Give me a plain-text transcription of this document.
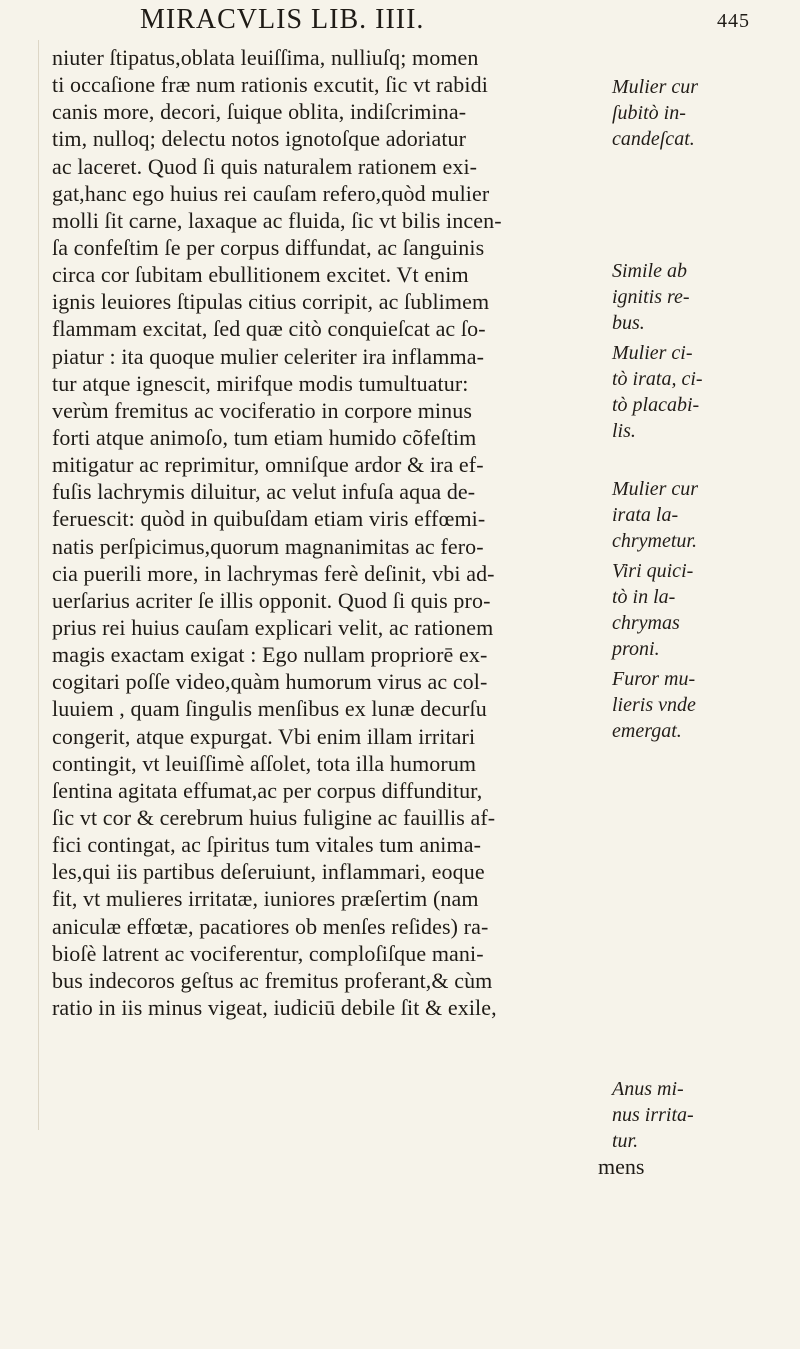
MIRACVLIS LIB. IIII.	445
niuter ſtipatus,oblata leuiſſima, nulliuſq; momen
ti occaſione fræ num rationis excutit, ſic vt rabidi
canis more, decori, ſuique oblita, indiſcrimina-
tim, nulloq; delectu notos ignotoſque adoriatur
ac laceret. Quod ſi quis naturalem rationem exi-
gat,hanc ego huius rei cauſam refero,quòd mulier
molli ſit carne, laxaque ac fluida, ſic vt bilis incen-
ſa confeſtim ſe per corpus diffundat, ac ſanguinis
circa cor ſubitam ebullitionem excitet. Vt enim
ignis leuiores ſtipulas citius corripit, ac ſublimem
flammam excitat, ſed quæ citò conquieſcat ac ſo-
piatur : ita quoque mulier celeriter ira inflamma-
tur atque ignescit, mirifque modis tumultuatur:
verùm fremitus ac vociferatio in corpore minus
forti atque animoſo, tum etiam humido cõfeſtim
mitigatur ac reprimitur, omniſque ardor & ira ef-
fuſis lachrymis diluitur, ac velut infuſa aqua de-
feruescit: quòd in quibuſdam etiam viris effœmi-
natis perſpicimus,quorum magnanimitas ac fero-
cia puerili more, in lachrymas ferè deſinit, vbi ad-
uerſarius acriter ſe illis opponit. Quod ſi quis pro-
prius rei huius cauſam explicari velit, ac rationem
magis exactam exigat : Ego nullam propriorē ex-
cogitari poſſe video,quàm humorum virus ac col-
luuiem , quam ſingulis menſibus ex lunæ decurſu
congerit, atque expurgat. Vbi enim illam irritari
contingit, vt leuiſſimè aſſolet, tota illa humorum
ſentina agitata effumat,ac per corpus diffunditur,
ſic vt cor & cerebrum huius fuligine ac fauillis af-
fici contingat, ac ſpiritus tum vitales tum anima-
les,qui iis partibus deſeruiunt, inflammari, eoque
fit, vt mulieres irritatæ, iuniores præſertim (nam
aniculæ effœtæ, pacatiores ob menſes reſides) ra-
bioſè latrent ac vociferentur, comploſiſque mani-
bus indecoros geſtus ac fremitus proferant,& cùm
ratio in iis minus vigeat, iudiciū debile ſit & exile,
mens
Mulier cur
ſubitò in-
candeſcat.
Simile ab
ignitis re-
bus.
Mulier ci-
tò irata, ci-
tò placabi-
lis.
Mulier cur
irata la-
chrymetur.
Viri quici-
tò in la-
chrymas
proni.
Furor mu-
lieris vnde
emergat.
Anus mi-
nus irrita-
tur.
